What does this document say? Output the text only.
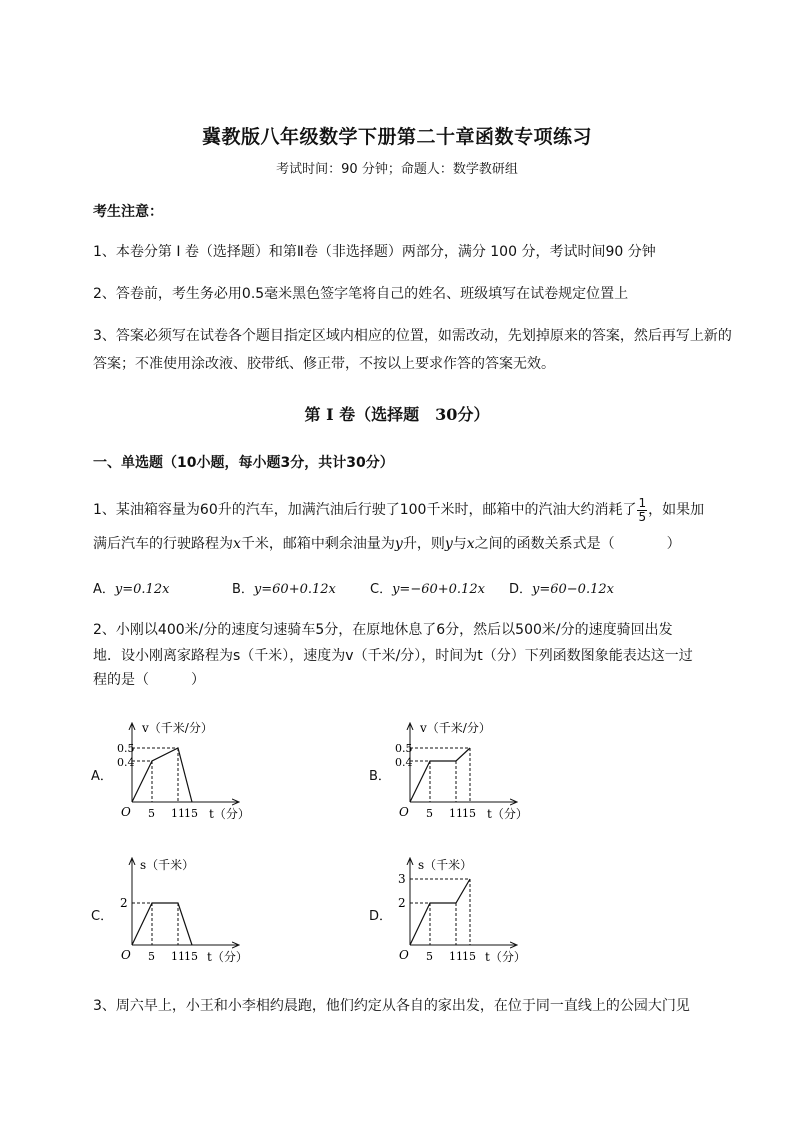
冀教版八年级数学下册第二十章函数专项练习
考试时间：90 分钟；命题人：数学教研组
考生注意：
1、本卷分第 I 卷（选择题）和第Ⅱ卷（非选择题）两部分，满分 100 分，考试时间90 分钟
2、答卷前，考生务必用0.5毫米黑色签字笔将自己的姓名、班级填写在试卷规定位置上
3、答案必须写在试卷各个题目指定区域内相应的位置，如需改动，先划掉原来的答案，然后再写上新的答案；不准使用涂改液、胶带纸、修正带，不按以上要求作答的答案无效。
第 I 卷（选择题　30分）
一、单选题（10小题，每小题3分，共计30分）
1、某油箱容量为60升的汽车，加满汽油后行驶了100千米时，邮箱中的汽油大约消耗了 $\frac{1}{5}$ ，如果加
满后汽车的行驶路程为x千米，邮箱中剩余油量为y升，则y与x之间的函数关系式是（	）
A．y=0.12x	B．y=60+0.12x	C．y=−60+0.12x D．y=60−0.12x
2、小刚以400米/分的速度匀速骑车5分，在原地休息了6分，然后以500米/分的速度骑回出发
地．设小刚离家路程为s（千米），速度为v（千米/分），时间为t（分）下列函数图象能表达这一过
程的是（　　　）
A．
v（千米/分）
0.5
0.4
O 5 11 15 t（分）
B．
v（千米/分）
0.5
0.4
O 5 11 15 t（分）
C．
s（千米）
2
O 5 11 15 t（分）
D．
s（千米）
3
2
O 5 11 15 t（分）
3、周六早上，小王和小李相约晨跑，他们约定从各自的家出发，在位于同一直线上的公园大门见
